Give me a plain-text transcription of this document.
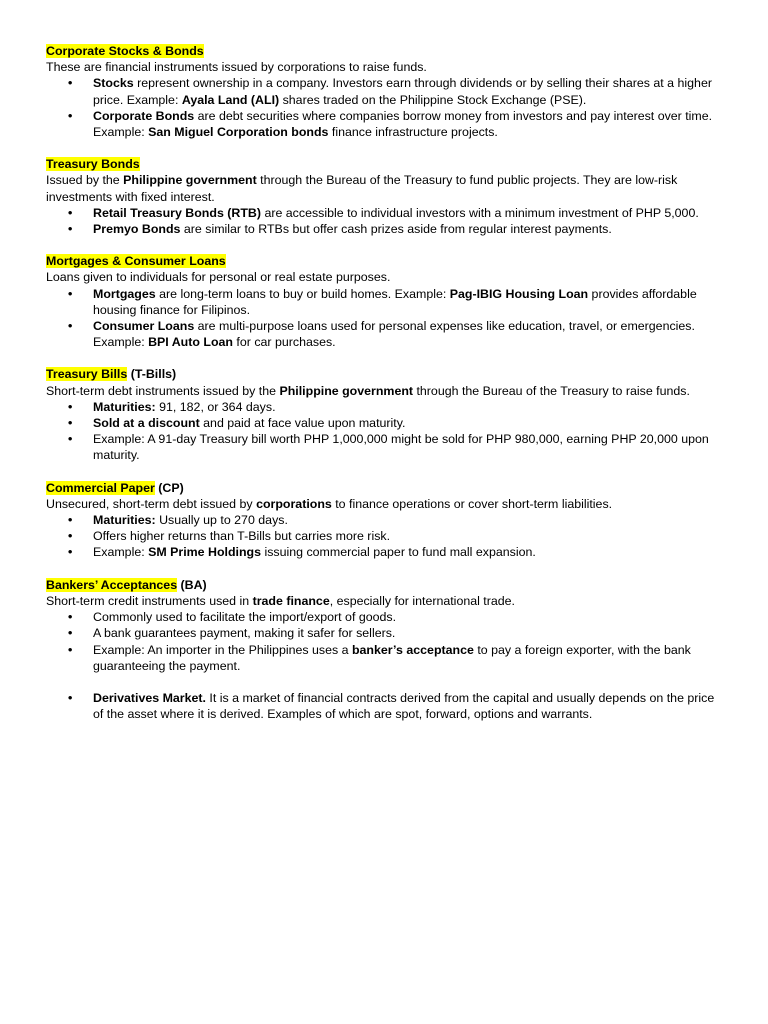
Corporate Stocks & Bonds
These are financial instruments issued by corporations to raise funds.
• Stocks represent ownership in a company. Investors earn through dividends or by selling their shares at a higher price. Example: Ayala Land (ALI) shares traded on the Philippine Stock Exchange (PSE).
• Corporate Bonds are debt securities where companies borrow money from investors and pay interest over time. Example: San Miguel Corporation bonds finance infrastructure projects.
Treasury Bonds
Issued by the Philippine government through the Bureau of the Treasury to fund public projects. They are low-risk investments with fixed interest.
• Retail Treasury Bonds (RTB) are accessible to individual investors with a minimum investment of PHP 5,000.
• Premyo Bonds are similar to RTBs but offer cash prizes aside from regular interest payments.
Mortgages & Consumer Loans
Loans given to individuals for personal or real estate purposes.
• Mortgages are long-term loans to buy or build homes. Example: Pag-IBIG Housing Loan provides affordable housing finance for Filipinos.
• Consumer Loans are multi-purpose loans used for personal expenses like education, travel, or emergencies. Example: BPI Auto Loan for car purchases.
Treasury Bills (T-Bills)
Short-term debt instruments issued by the Philippine government through the Bureau of the Treasury to raise funds.
• Maturities: 91, 182, or 364 days.
• Sold at a discount and paid at face value upon maturity.
• Example: A 91-day Treasury bill worth PHP 1,000,000 might be sold for PHP 980,000, earning PHP 20,000 upon maturity.
Commercial Paper (CP)
Unsecured, short-term debt issued by corporations to finance operations or cover short-term liabilities.
• Maturities: Usually up to 270 days.
• Offers higher returns than T-Bills but carries more risk.
• Example: SM Prime Holdings issuing commercial paper to fund mall expansion.
Bankers’ Acceptances (BA)
Short-term credit instruments used in trade finance, especially for international trade.
• Commonly used to facilitate the import/export of goods.
• A bank guarantees payment, making it safer for sellers.
• Example: An importer in the Philippines uses a banker’s acceptance to pay a foreign exporter, with the bank guaranteeing the payment.
• Derivatives Market. It is a market of financial contracts derived from the capital and usually depends on the price of the asset where it is derived. Examples of which are spot, forward, options and warrants.
